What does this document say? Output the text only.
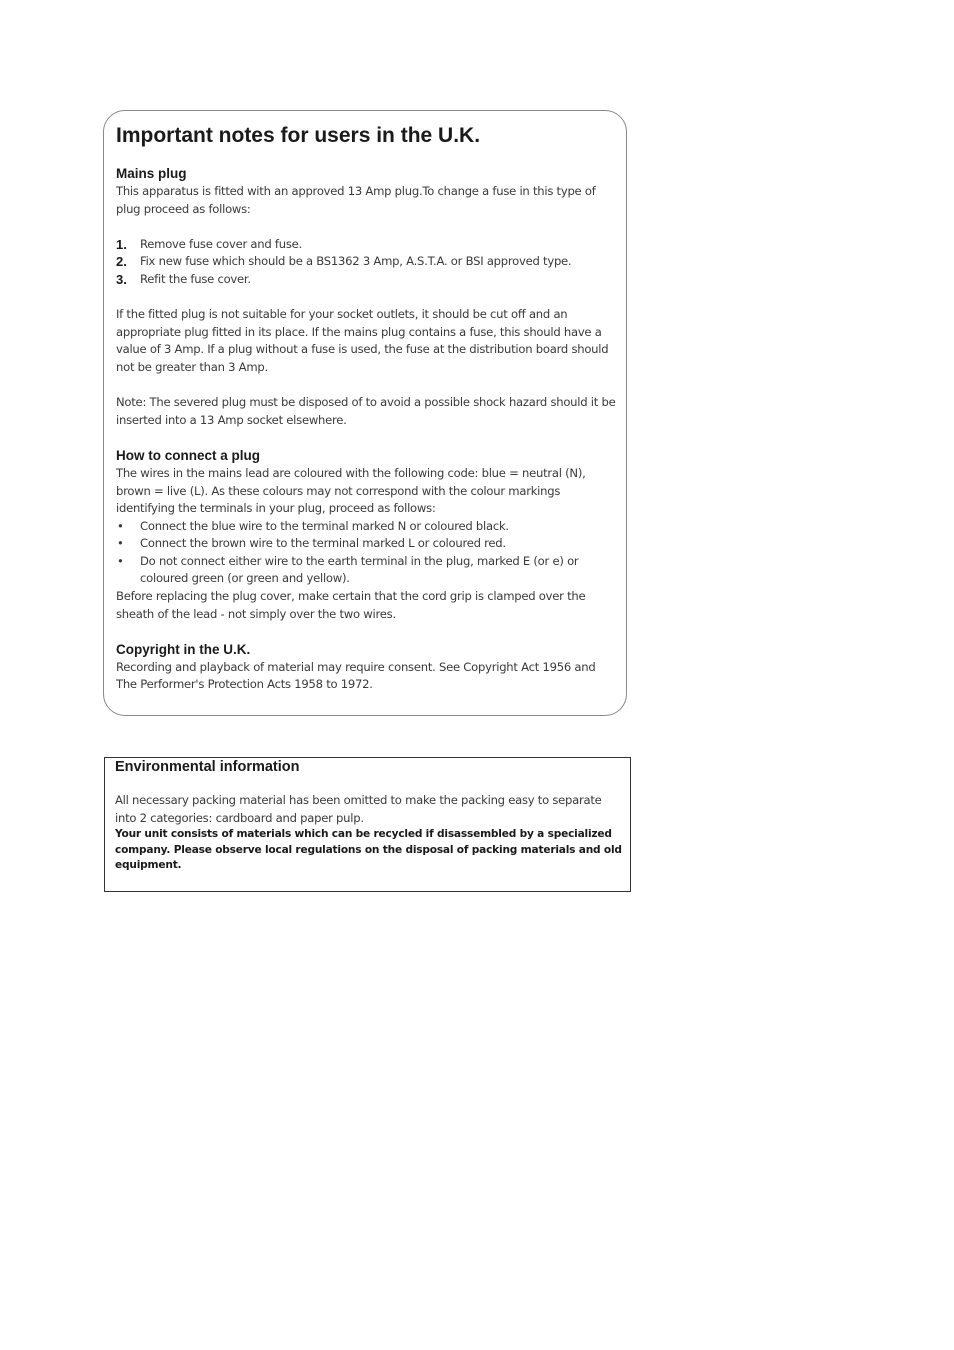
Important notes for users in the U.K.
Mains plug

This apparatus is fitted with an approved 13 Amp plug.To change a fuse in this type of plug proceed as follows:

1. Remove fuse cover and fuse.
2. Fix new fuse which should be a BS1362 3 Amp, A.S.T.A. or BSI approved type.
3. Refit the fuse cover.

If the fitted plug is not suitable for your socket outlets, it should be cut off and an appropriate plug fitted in its place. If the mains plug contains a fuse, this should have a value of 3 Amp. If a plug without a fuse is used, the fuse at the distribution board should not be greater than 3 Amp.

Note: The severed plug must be disposed of to avoid a possible shock hazard should it be inserted into a 13 Amp socket elsewhere.

How to connect a plug

The wires in the mains lead are coloured with the following code: blue = neutral (N), brown = live (L). As these colours may not correspond with the colour markings identifying the terminals in your plug, proceed as follows:

• Connect the blue wire to the terminal marked N or coloured black.
• Connect the brown wire to the terminal marked L or coloured red.
• Do not connect either wire to the earth terminal in the plug, marked E (or e) or coloured green (or green and yellow).

Before replacing the plug cover, make certain that the cord grip is clamped over the sheath of the lead - not simply over the two wires.

Copyright in the U.K.

Recording and playback of material may require consent. See Copyright Act 1956 and The Performer's Protection Acts 1958 to 1972.

Environmental information

All necessary packing material has been omitted to make the packing easy to separate into 2 categories: cardboard and paper pulp.

Your unit consists of materials which can be recycled if disassembled by a specialized company. Please observe local regulations on the disposal of packing materials and old equipment.
